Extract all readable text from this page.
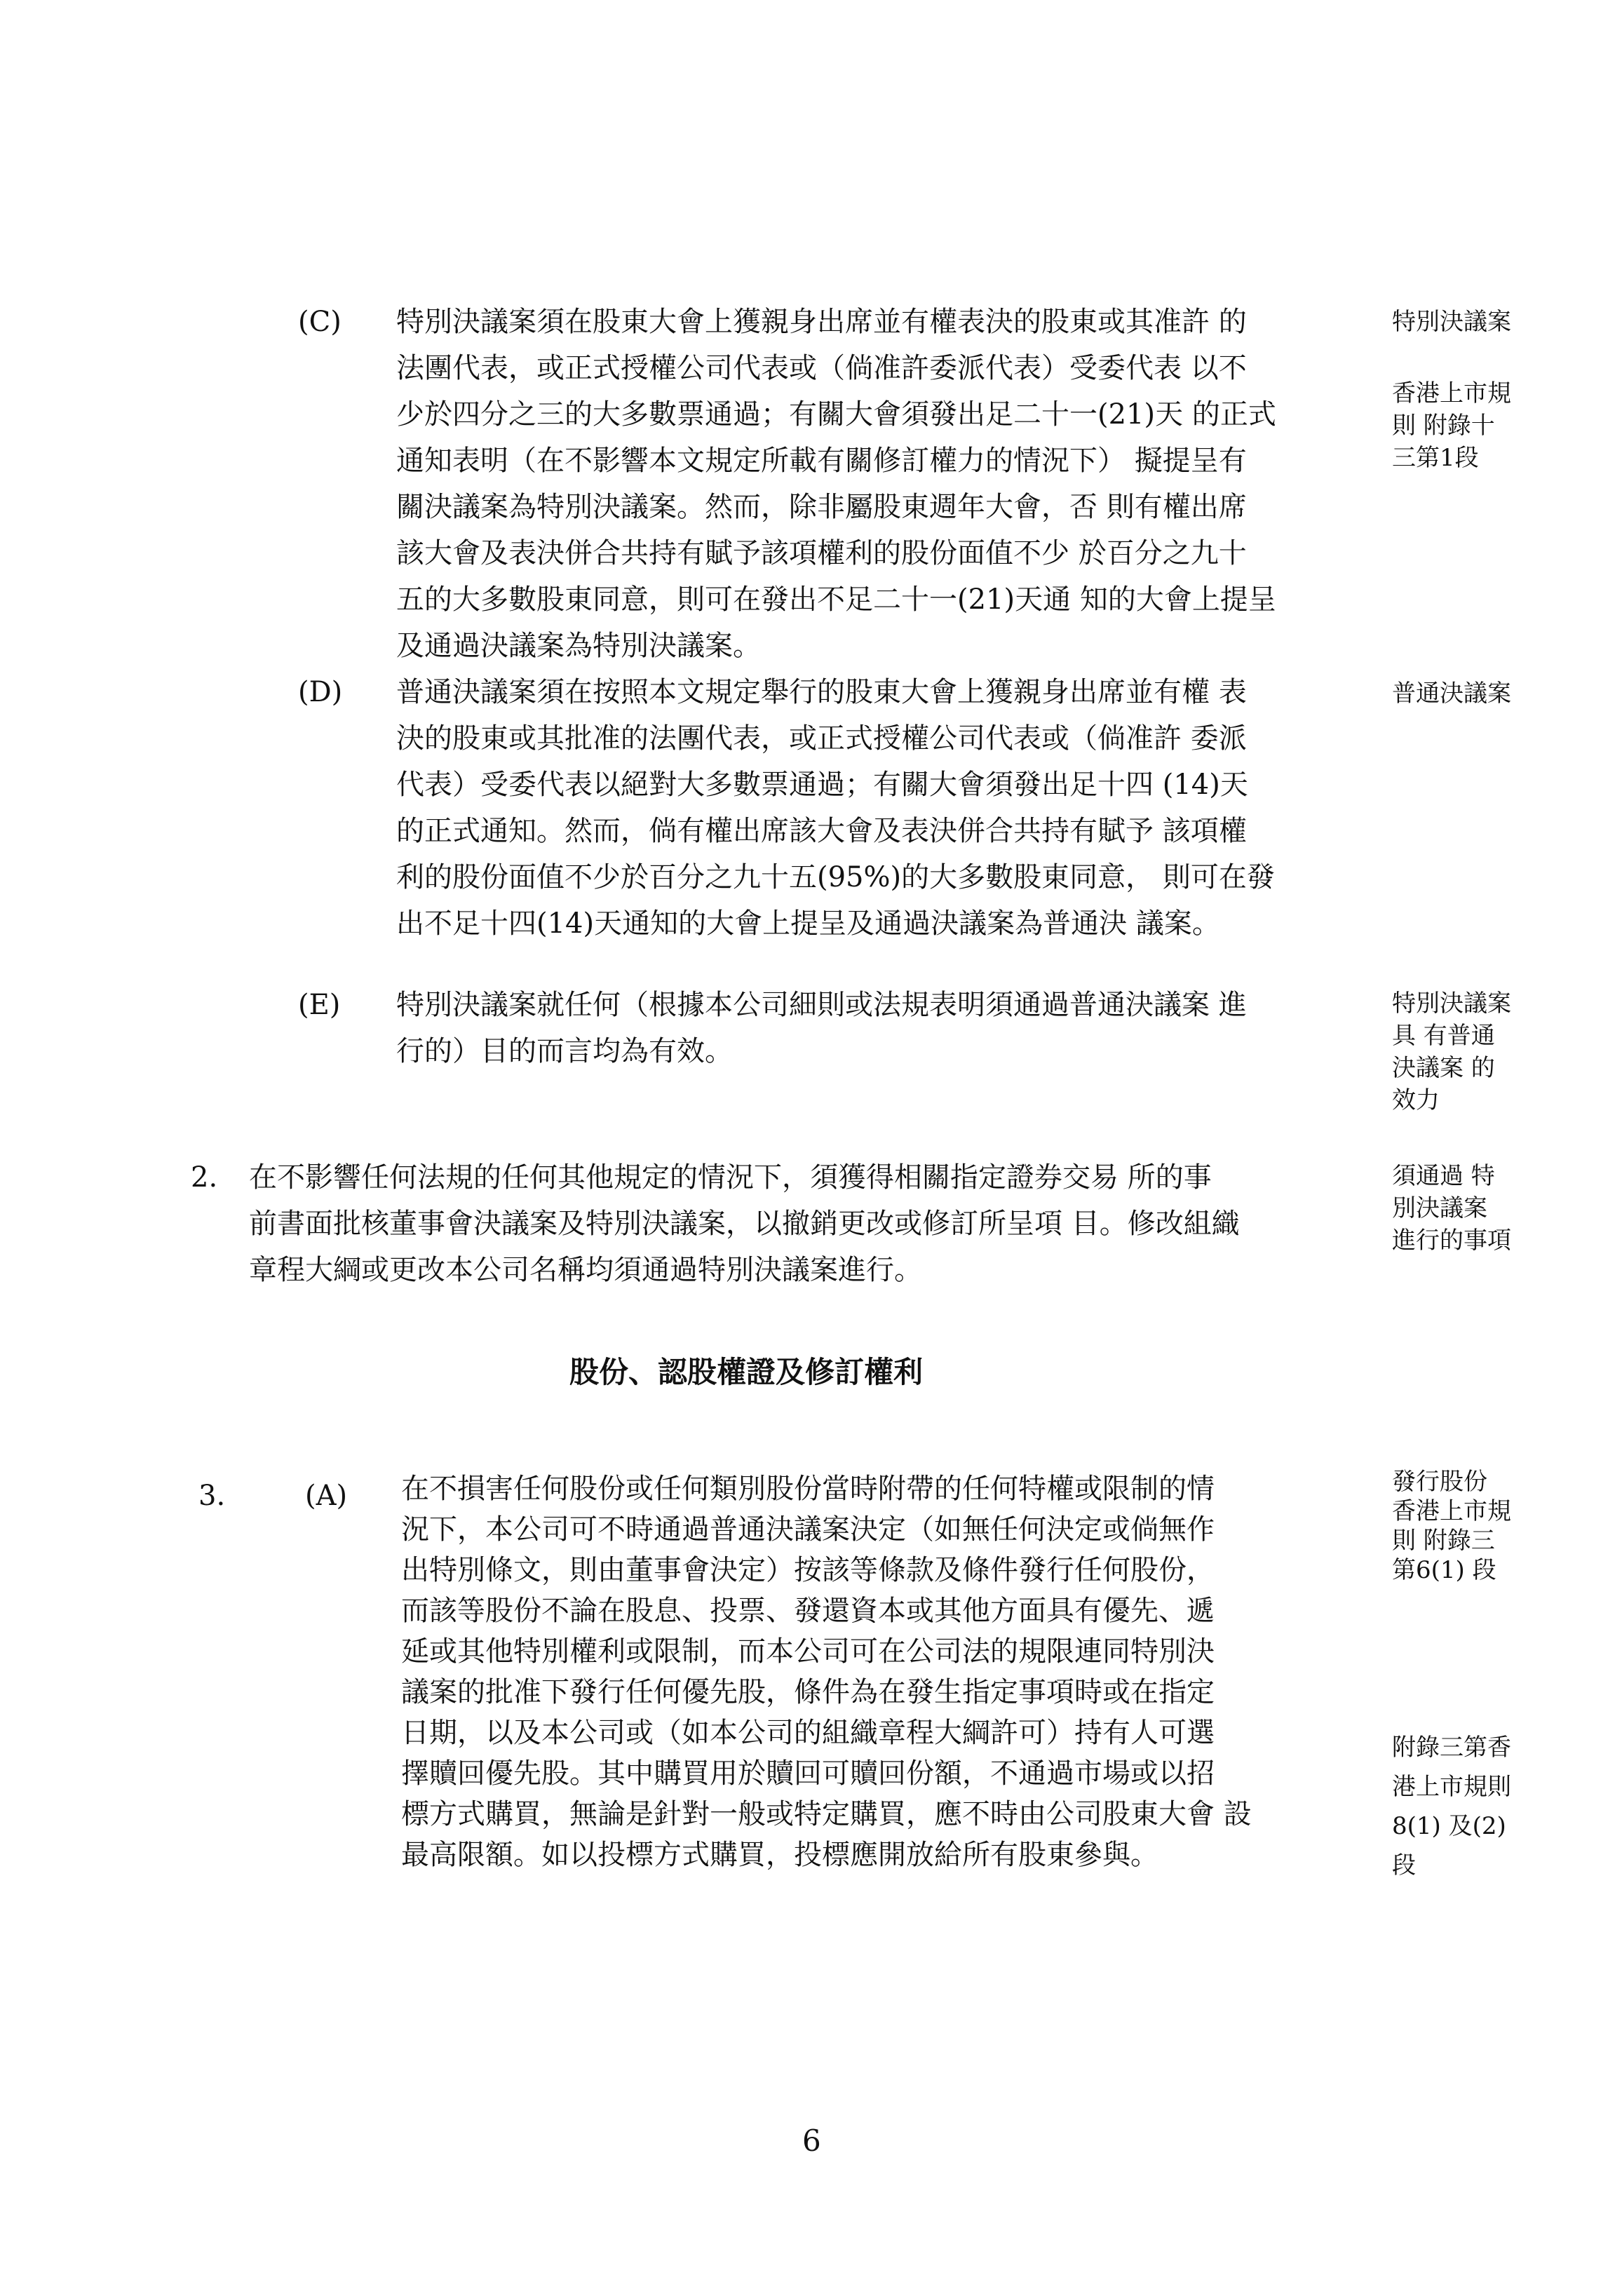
(C) 特別決議案須在股東大會上獲親身出席並有權表決的股東或其准許 的
法團代表，或正式授權公司代表或（倘准許委派代表）受委代表 以不
少於四分之三的大多數票通過；有關大會須發出足二十一(21)天 的正式
通知表明（在不影響本文規定所載有關修訂權力的情況下） 擬提呈有
關決議案為特別決議案。然而，除非屬股東週年大會，否 則有權出席
該大會及表決併合共持有賦予該項權利的股份面值不少 於百分之九十
五的大多數股東同意，則可在發出不足二十一(21)天通 知的大會上提呈
及通過決議案為特別決議案。
特別決議案
香港上市規
則 附錄十
三第1段
(D) 普通決議案須在按照本文規定舉行的股東大會上獲親身出席並有權 表
決的股東或其批准的法團代表，或正式授權公司代表或（倘准許 委派
代表）受委代表以絕對大多數票通過；有關大會須發出足十四 (14)天
的正式通知。然而，倘有權出席該大會及表決併合共持有賦予 該項權
利的股份面值不少於百分之九十五(95%)的大多數股東同意， 則可在發
出不足十四(14)天通知的大會上提呈及通過決議案為普通決 議案。
普通決議案
(E) 特別決議案就任何（根據本公司細則或法規表明須通過普通決議案 進
行的）目的而言均為有效。
特別決議案
具 有普通
決議案 的
效力
2. 在不影響任何法規的任何其他規定的情況下，須獲得相關指定證券交易 所的事
前書面批核董事會決議案及特別決議案，以撤銷更改或修訂所呈項 目。修改組織
章程大綱或更改本公司名稱均須通過特別決議案進行。
須通過 特
別決議案
進行的事項
股份、認股權證及修訂權利
3.	(A) 在不損害任何股份或任何類別股份當時附帶的任何特權或限制的情
況下，本公司可不時通過普通決議案決定（如無任何決定或倘無作
出特別條文，則由董事會決定）按該等條款及條件發行任何股份，
而該等股份不論在股息、投票、發還資本或其他方面具有優先、遞
延或其他特別權利或限制，而本公司可在公司法的規限連同特別決
議案的批准下發行任何優先股，條件為在發生指定事項時或在指定
日期，以及本公司或（如本公司的組織章程大綱許可）持有人可選
擇贖回優先股。其中購買用於贖回可贖回份額，不通過市場或以招
標方式購買，無論是針對一般或特定購買，應不時由公司股東大會 設
最高限額。如以投標方式購買，投標應開放給所有股東參與。
發行股份
香港上市規
則 附錄三
第6(1) 段
附錄三第香
港上市規則
8(1) 及(2)
段
6
